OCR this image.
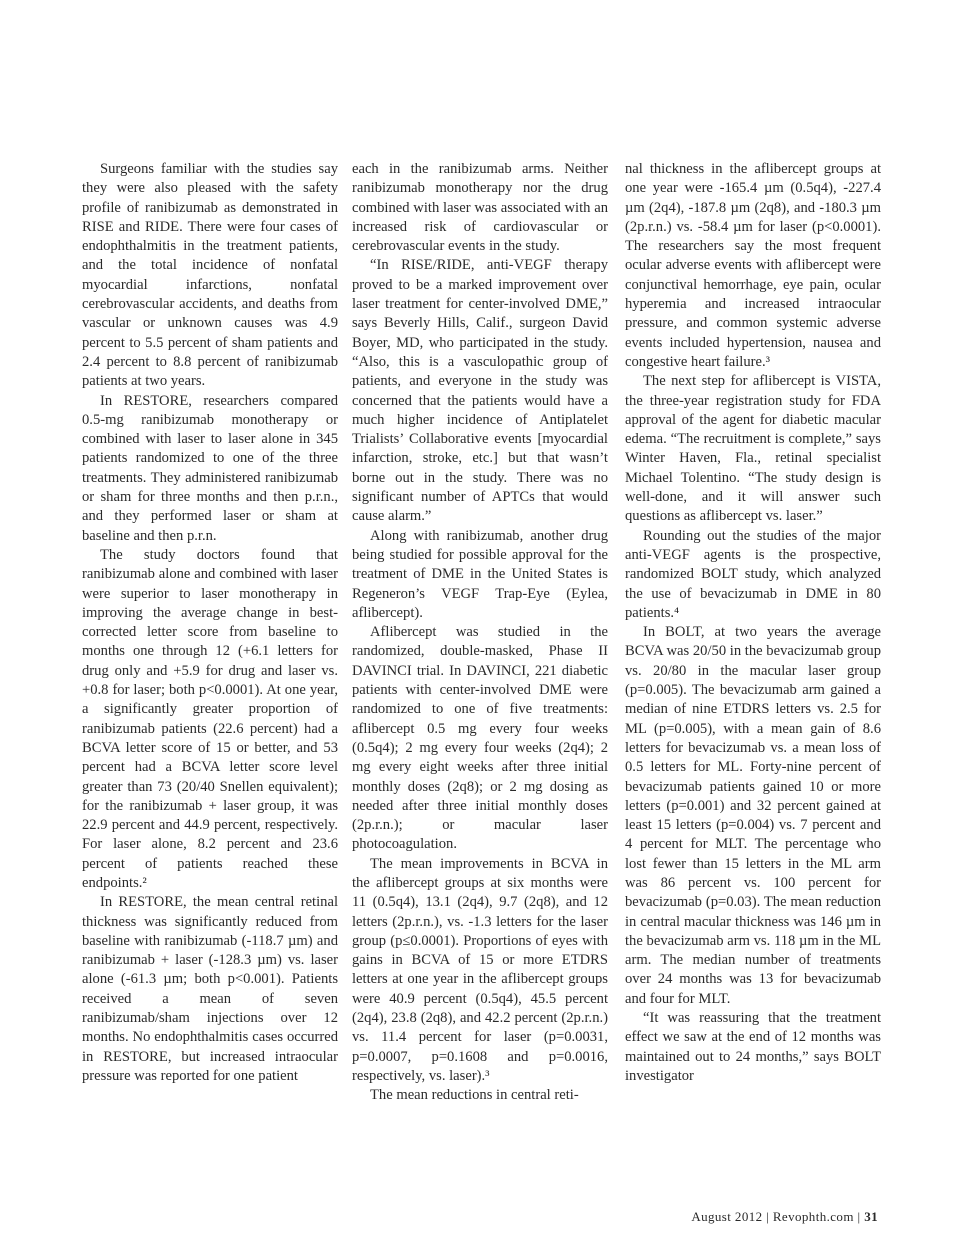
Surgeons familiar with the studies say they were also pleased with the safety profile of ranibizumab as demonstrated in RISE and RIDE. There were four cases of endophthalmitis in the treatment patients, and the total incidence of nonfatal myocardial infarctions, nonfatal cerebrovascular accidents, and deaths from vascular or unknown causes was 4.9 percent to 5.5 percent of sham patients and 2.4 percent to 8.8 percent of ranibizumab patients at two years.

In RESTORE, researchers compared 0.5-mg ranibizumab monotherapy or combined with laser to laser alone in 345 patients randomized to one of the three treatments. They administered ranibizumab or sham for three months and then p.r.n., and they performed laser or sham at baseline and then p.r.n.

The study doctors found that ranibizumab alone and combined with laser were superior to laser monotherapy in improving the average change in best-corrected letter score from baseline to months one through 12 (+6.1 letters for drug only and +5.9 for drug and laser vs. +0.8 for laser; both p<0.0001). At one year, a significantly greater proportion of ranibizumab patients (22.6 percent) had a BCVA letter score of 15 or better, and 53 percent had a BCVA letter score level greater than 73 (20/40 Snellen equivalent); for the ranibizumab + laser group, it was 22.9 percent and 44.9 percent, respectively. For laser alone, 8.2 percent and 23.6 percent of patients reached these endpoints.²

In RESTORE, the mean central retinal thickness was significantly reduced from baseline with ranibizumab (-118.7 µm) and ranibizumab + laser (-128.3 µm) vs. laser alone (-61.3 µm; both p<0.001). Patients received a mean of seven ranibizumab/sham injections over 12 months. No endophthalmitis cases occurred in RESTORE, but increased intraocular pressure was reported for one patient

each in the ranibizumab arms. Neither ranibizumab monotherapy nor the drug combined with laser was associated with an increased risk of cardiovascular or cerebrovascular events in the study.

“In RISE/RIDE, anti-VEGF therapy proved to be a marked improvement over laser treatment for center-involved DME,” says Beverly Hills, Calif., surgeon David Boyer, MD, who participated in the study. “Also, this is a vasculopathic group of patients, and everyone in the study was concerned that the patients would have a much higher incidence of Antiplatelet Trialists’ Collaborative events [myocardial infarction, stroke, etc.] but that wasn’t borne out in the study. There was no significant number of APTCs that would cause alarm.”

Along with ranibizumab, another drug being studied for possible approval for the treatment of DME in the United States is Regeneron’s VEGF Trap-Eye (Eylea, aflibercept).

Aflibercept was studied in the randomized, double-masked, Phase II DAVINCI trial. In DAVINCI, 221 diabetic patients with center-involved DME were randomized to one of five treatments: aflibercept 0.5 mg every four weeks (0.5q4); 2 mg every four weeks (2q4); 2 mg every eight weeks after three initial monthly doses (2q8); or 2 mg dosing as needed after three initial monthly doses (2p.r.n.); or macular laser photocoagulation.

The mean improvements in BCVA in the aflibercept groups at six months were 11 (0.5q4), 13.1 (2q4), 9.7 (2q8), and 12 letters (2p.r.n.), vs. -1.3 letters for the laser group (p≤0.0001). Proportions of eyes with gains in BCVA of 15 or more ETDRS letters at one year in the aflibercept groups were 40.9 percent (0.5q4), 45.5 percent (2q4), 23.8 (2q8), and 42.2 percent (2p.r.n.) vs. 11.4 percent for laser (p=0.0031, p=0.0007, p=0.1608 and p=0.0016, respectively, vs. laser).³

The mean reductions in central reti-

nal thickness in the aflibercept groups at one year were -165.4 µm (0.5q4), -227.4 µm (2q4), -187.8 µm (2q8), and -180.3 µm (2p.r.n.) vs. -58.4 µm for laser (p<0.0001). The researchers say the most frequent ocular adverse events with aflibercept were conjunctival hemorrhage, eye pain, ocular hyperemia and increased intraocular pressure, and common systemic adverse events included hypertension, nausea and congestive heart failure.³

The next step for aflibercept is VISTA, the three-year registration study for FDA approval of the agent for diabetic macular edema. “The recruitment is complete,” says Winter Haven, Fla., retinal specialist Michael Tolentino. “The study design is well-done, and it will answer such questions as aflibercept vs. laser.”

Rounding out the studies of the major anti-VEGF agents is the prospective, randomized BOLT study, which analyzed the use of bevacizumab in DME in 80 patients.⁴

In BOLT, at two years the average BCVA was 20/50 in the bevacizumab group vs. 20/80 in the macular laser group (p=0.005). The bevacizumab arm gained a median of nine ETDRS letters vs. 2.5 for ML (p=0.005), with a mean gain of 8.6 letters for bevacizumab vs. a mean loss of 0.5 letters for ML. Forty-nine percent of bevacizumab patients gained 10 or more letters (p=0.001) and 32 percent gained at least 15 letters (p=0.004) vs. 7 percent and 4 percent for MLT. The percentage who lost fewer than 15 letters in the ML arm was 86 percent vs. 100 percent for bevacizumab (p=0.03). The mean reduction in central macular thickness was 146 µm in the bevacizumab arm vs. 118 µm in the ML arm. The median number of treatments over 24 months was 13 for bevacizumab and four for MLT.

“It was reassuring that the treatment effect we saw at the end of 12 months was maintained out to 24 months,” says BOLT investigator

August 2012 | Revophth.com | 31
